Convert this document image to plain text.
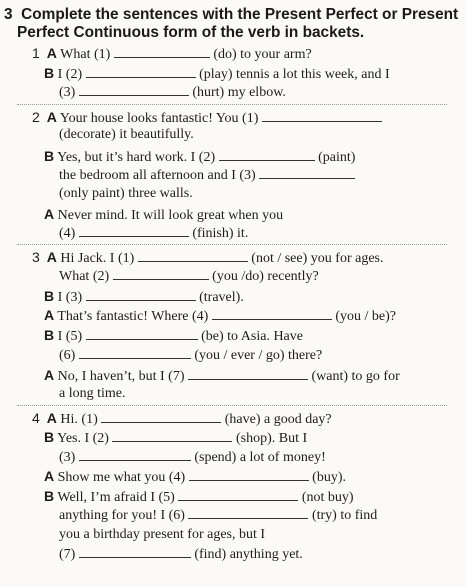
3 Complete the sentences with the Present Perfect or Present
Perfect Continuous form of the verb in backets.
1 A What (1)	(do) to your arm?
B I (2)	(play) tennis a lot this week, and I
(3)	(hurt) my elbow.
2 A Your house looks fantastic! You (1)
(decorate) it beautifully.
B Yes, but it’s hard work. I (2)	(paint)
the bedroom all afternoon and I (3)
(only paint) three walls.
A Never mind. It will look great when you
(4)	(finish) it.
3 A Hi Jack. I (1)	(not / see) you for ages.
What (2)	(you /do) recently?
B I (3)	(travel).
A That’s fantastic! Where (4)	(you / be)?
B I (5)	(be) to Asia. Have
(6)	(you / ever / go) there?
A No, I haven’t, but I (7)	(want) to go for
a long time.
4 A Hi. (1)	(have) a good day?
B Yes. I (2)	(shop). But I
(3)	(spend) a lot of money!
A Show me what you (4)	(buy).
B Well, I’m afraid I (5)	(not buy)
anything for you! I (6)	(try) to find
you a birthday present for ages, but I
(7)	(find) anything yet.
